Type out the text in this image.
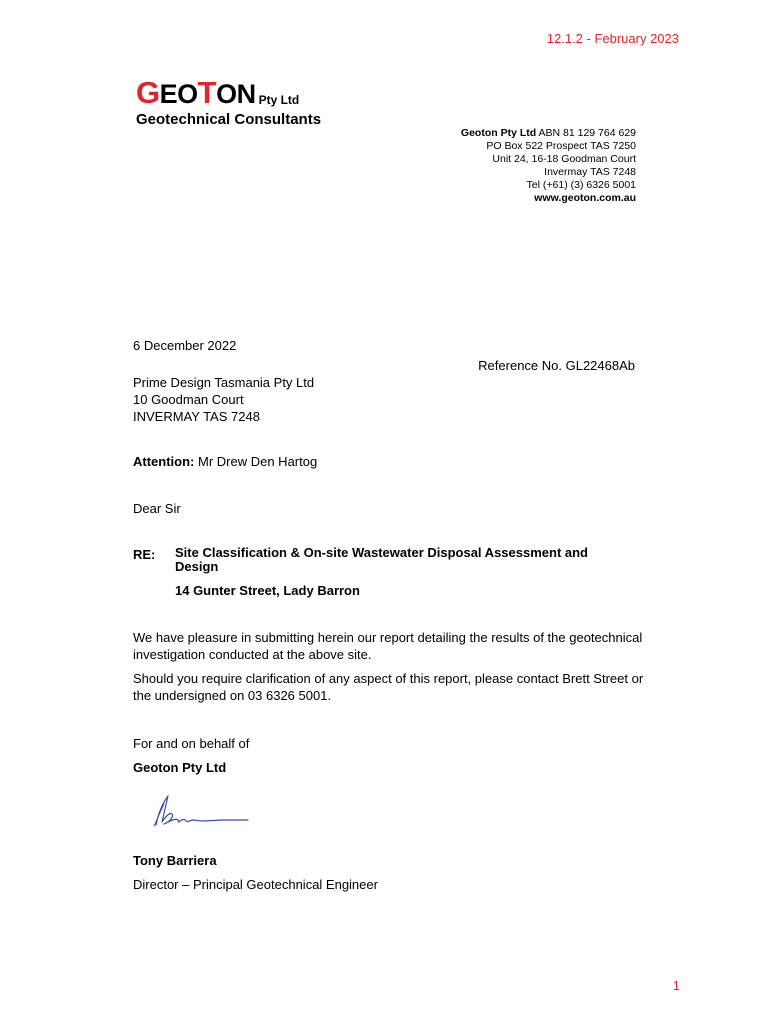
12.1.2 - February 2023
GEOTON Pty Ltd
Geotechnical Consultants
Geoton Pty Ltd ABN 81 129 764 629
PO Box 522 Prospect TAS 7250
Unit 24, 16-18 Goodman Court
Invermay TAS 7248
Tel (+61) (3) 6326 5001
www.geoton.com.au
6 December 2022
Reference No. GL22468Ab
Prime Design Tasmania Pty Ltd
10 Goodman Court
INVERMAY TAS 7248
Attention: Mr Drew Den Hartog
Dear Sir
RE: Site Classification & On-site Wastewater Disposal Assessment and Design
14 Gunter Street, Lady Barron
We have pleasure in submitting herein our report detailing the results of the geotechnical investigation conducted at the above site.
Should you require clarification of any aspect of this report, please contact Brett Street or the undersigned on 03 6326 5001.
For and on behalf of
Geoton Pty Ltd
Tony Barriera
Director – Principal Geotechnical Engineer
1
